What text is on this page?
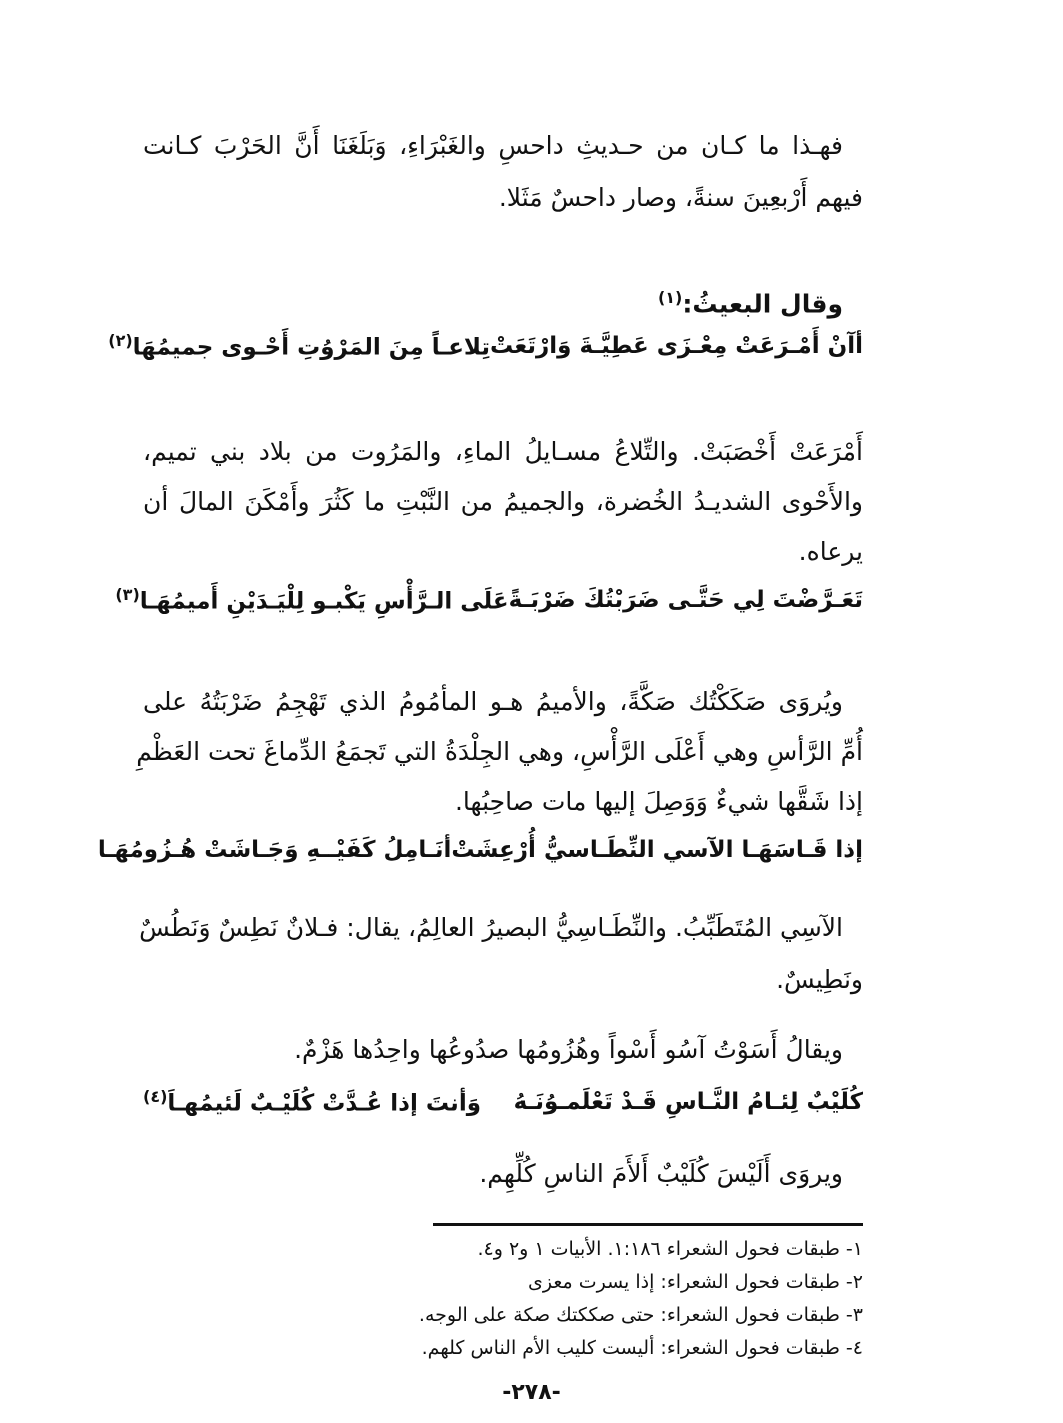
فهـذا ما كـان من حـديثِ داحسِ والغَبْرَاءِ، وَبَلَغَنَا أَنَّ الحَرْبَ كـانت
فيهم أَرْبعِينَ سنةً، وصار داحسٌ مَثَلا.
وقال البعيثُ:$^{(١)}$
أآنْ أَمْـرَعَتْ مِعْـزَى عَطِيَّـةَ وَارْتَعَتْ
تِلاعـاً مِنَ المَرْوُتِ أَحْـوى جميمُهَا$^{(٢)}$
أَمْرَعَتْ أَخْصَبَتْ. والتِّلاعُ مسـايلُ الماءِ، والمَرُوت من بلاد بني تميم،
والأَحْوى الشديـدُ الخُضرة، والجميمُ من النَّبْتِ ما كَثُرَ وأَمْكَنَ المالَ أن
يرعاه.
تَعَـرَّضْتَ لِي حَتَّـى ضَرَبْتُكَ ضَرْبَـةً
عَلَى الـرَّأْسِ يَكْبـو لِلْيَـدَيْنِ أَميمُهَـا$^{(٣)}$
ويُروَى صَكَكْتُك صَكَّةً، والأميمُ هـو المأمُومُ الذي تَهْجِمُ ضَرْبَتُهُ على
أُمِّ الرَّأسِ وهي أَعْلَى الرَّأْسِ، وهي الجِلْدَةُ التي تَجمَعُ الدِّماغَ تحت العَظْمِ
إذا شَقَّها شيءٌ وَوَصِلَ إليها مات صاحِبُها.
إذا قَـاسَهَـا الآسي النِّطَـاسيُّ أُرْعِشَتْ
أنَـامِلُ كَفَيْــهِ وَجَـاشَتْ هُـزُومُهَـا
الآسِي المُتَطَبِّبُ. والنِّطَـاسِيُّ البصيرُ العالِمُ، يقال: فـلانٌ نَطِسٌ وَنَطُسٌ
ونَطِيسٌ.
ويقالُ أَسَوْتُ آسُو أَسْواً وهُزُومُها صدُوعُها واحِدُها هَزْمٌ.
كُلَيْبٌ لِئـامُ النَّـاسِ قَـدْ تَعْلَمـوُنَـهُ
وَأنتَ إذا عُـدَّتْ كُلَيْـبٌ لَئيمُهـاَ$^{(٤)}$
ويروَى أَلَيْسَ كُلَيْبٌ أَلأَمَ الناسِ كُلِّهِم.
١- طبقات فحول الشعراء ١:١٨٦. الأبيات ١ و٢ و٤.
٢- طبقات فحول الشعراء: إذا يسرت معزى
٣- طبقات فحول الشعراء: حتى صككتك صكة على الوجه.
٤- طبقات فحول الشعراء: أليست كليب الأم الناس كلهم.
-٢٧٨-
